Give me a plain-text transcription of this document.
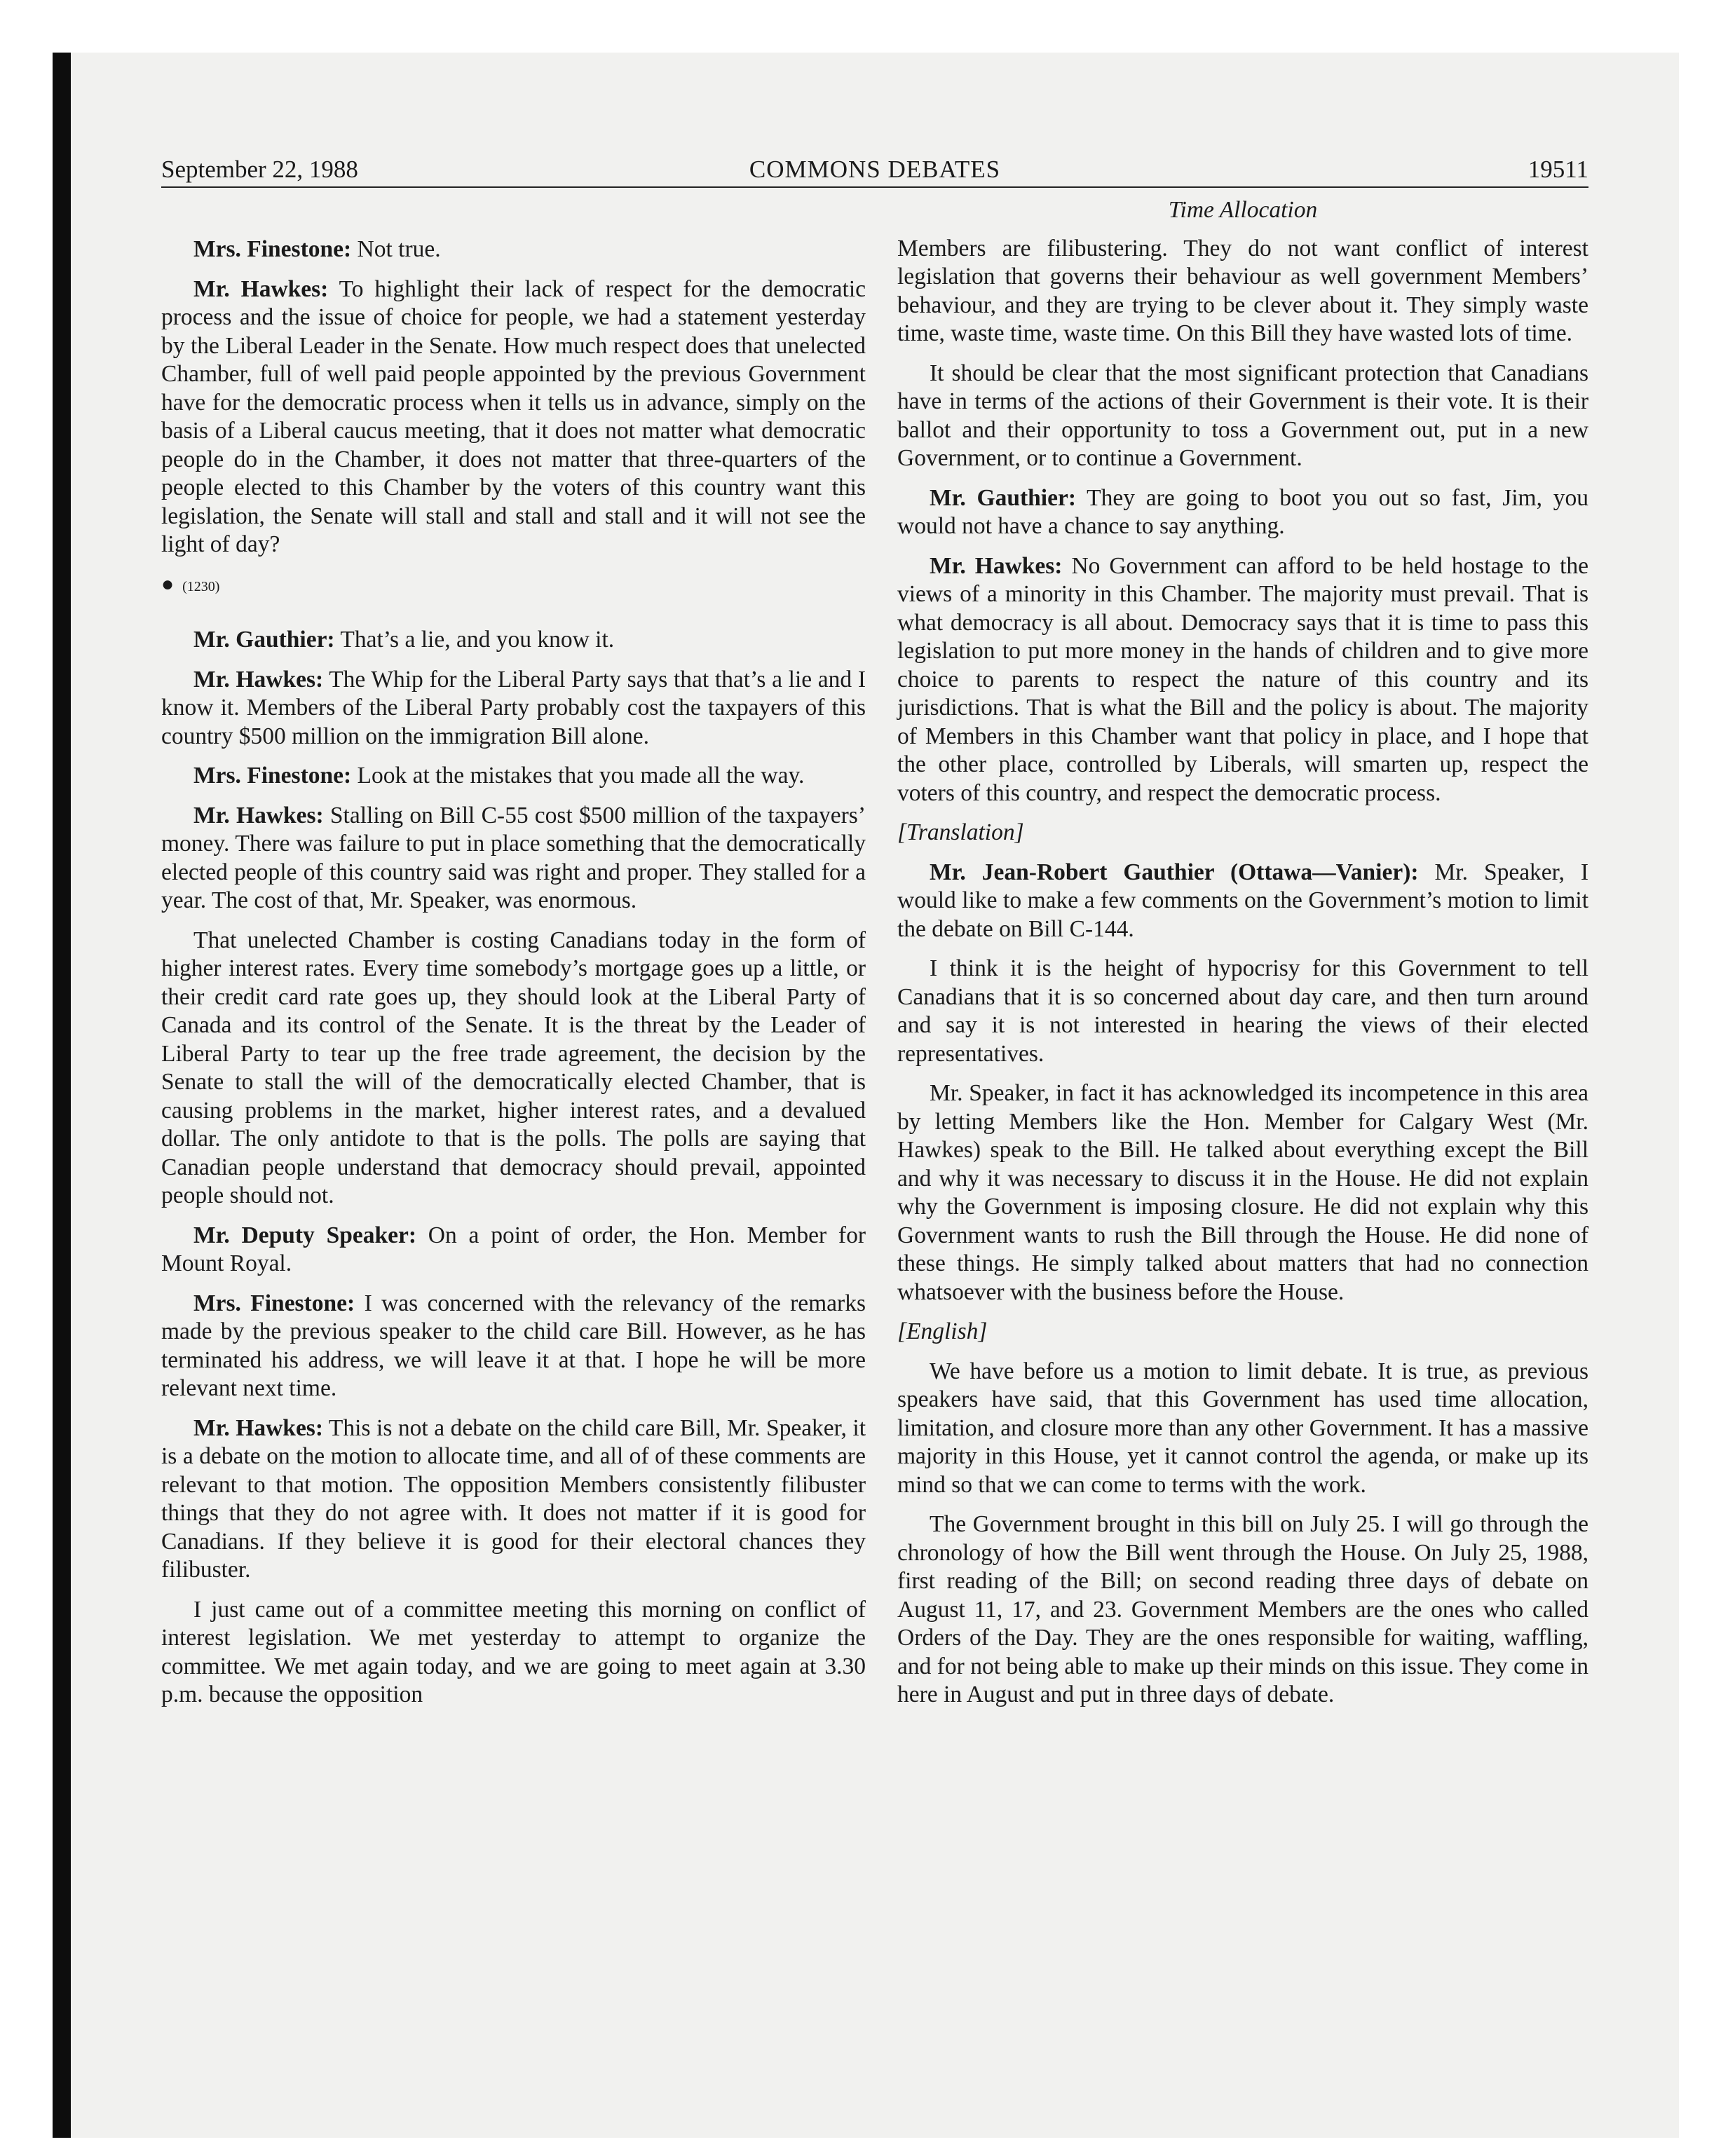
September 22, 1988	COMMONS DEBATES	19511

Mrs. Finestone: Not true.

Mr. Hawkes: To highlight their lack of respect for the democratic process and the issue of choice for people, we had a statement yesterday by the Liberal Leader in the Senate. How much respect does that unelected Chamber, full of well paid people appointed by the previous Government have for the democratic process when it tells us in advance, simply on the basis of a Liberal caucus meeting, that it does not matter what democratic people do in the Chamber, it does not matter that three-quarters of the people elected to this Chamber by the voters of this country want this legislation, the Senate will stall and stall and stall and it will not see the light of day?

● (1230)

Mr. Gauthier: That’s a lie, and you know it.

Mr. Hawkes: The Whip for the Liberal Party says that that’s a lie and I know it. Members of the Liberal Party probably cost the taxpayers of this country $500 million on the immigration Bill alone.

Mrs. Finestone: Look at the mistakes that you made all the way.

Mr. Hawkes: Stalling on Bill C-55 cost $500 million of the taxpayers’ money. There was failure to put in place something that the democratically elected people of this country said was right and proper. They stalled for a year. The cost of that, Mr. Speaker, was enormous.

That unelected Chamber is costing Canadians today in the form of higher interest rates. Every time somebody’s mortgage goes up a little, or their credit card rate goes up, they should look at the Liberal Party of Canada and its control of the Senate. It is the threat by the Leader of Liberal Party to tear up the free trade agreement, the decision by the Senate to stall the will of the democratically elected Chamber, that is causing problems in the market, higher interest rates, and a devalued dollar. The only antidote to that is the polls. The polls are saying that Canadian people understand that democracy should prevail, appointed people should not.

Mr. Deputy Speaker: On a point of order, the Hon. Member for Mount Royal.

Mrs. Finestone: I was concerned with the relevancy of the remarks made by the previous speaker to the child care Bill. However, as he has terminated his address, we will leave it at that. I hope he will be more relevant next time.

Mr. Hawkes: This is not a debate on the child care Bill, Mr. Speaker, it is a debate on the motion to allocate time, and all of of these comments are relevant to that motion. The opposition Members consistently filibuster things that they do not agree with. It does not matter if it is good for Canadians. If they believe it is good for their electoral chances they filibuster.

I just came out of a committee meeting this morning on conflict of interest legislation. We met yesterday to attempt to organize the committee. We met again today, and we are going to meet again at 3.30 p.m. because the opposition

Time Allocation

Members are filibustering. They do not want conflict of interest legislation that governs their behaviour as well government Members’ behaviour, and they are trying to be clever about it. They simply waste time, waste time, waste time. On this Bill they have wasted lots of time.

It should be clear that the most significant protection that Canadians have in terms of the actions of their Government is their vote. It is their ballot and their opportunity to toss a Government out, put in a new Government, or to continue a Government.

Mr. Gauthier: They are going to boot you out so fast, Jim, you would not have a chance to say anything.

Mr. Hawkes: No Government can afford to be held hostage to the views of a minority in this Chamber. The majority must prevail. That is what democracy is all about. Democracy says that it is time to pass this legislation to put more money in the hands of children and to give more choice to parents to respect the nature of this country and its jurisdictions. That is what the Bill and the policy is about. The majority of Members in this Chamber want that policy in place, and I hope that the other place, controlled by Liberals, will smarten up, respect the voters of this country, and respect the democratic process.

[Translation]

Mr. Jean-Robert Gauthier (Ottawa—Vanier): Mr. Speaker, I would like to make a few comments on the Government’s motion to limit the debate on Bill C-144.

I think it is the height of hypocrisy for this Government to tell Canadians that it is so concerned about day care, and then turn around and say it is not interested in hearing the views of their elected representatives.

Mr. Speaker, in fact it has acknowledged its incompetence in this area by letting Members like the Hon. Member for Calgary West (Mr. Hawkes) speak to the Bill. He talked about everything except the Bill and why it was necessary to discuss it in the House. He did not explain why the Government is imposing closure. He did not explain why this Government wants to rush the Bill through the House. He did none of these things. He simply talked about matters that had no connection whatsoever with the business before the House.

[English]

We have before us a motion to limit debate. It is true, as previous speakers have said, that this Government has used time allocation, limitation, and closure more than any other Government. It has a massive majority in this House, yet it cannot control the agenda, or make up its mind so that we can come to terms with the work.

The Government brought in this bill on July 25. I will go through the chronology of how the Bill went through the House. On July 25, 1988, first reading of the Bill; on second reading three days of debate on August 11, 17, and 23. Government Members are the ones who called Orders of the Day. They are the ones responsible for waiting, waffling, and for not being able to make up their minds on this issue. They come in here in August and put in three days of debate.
